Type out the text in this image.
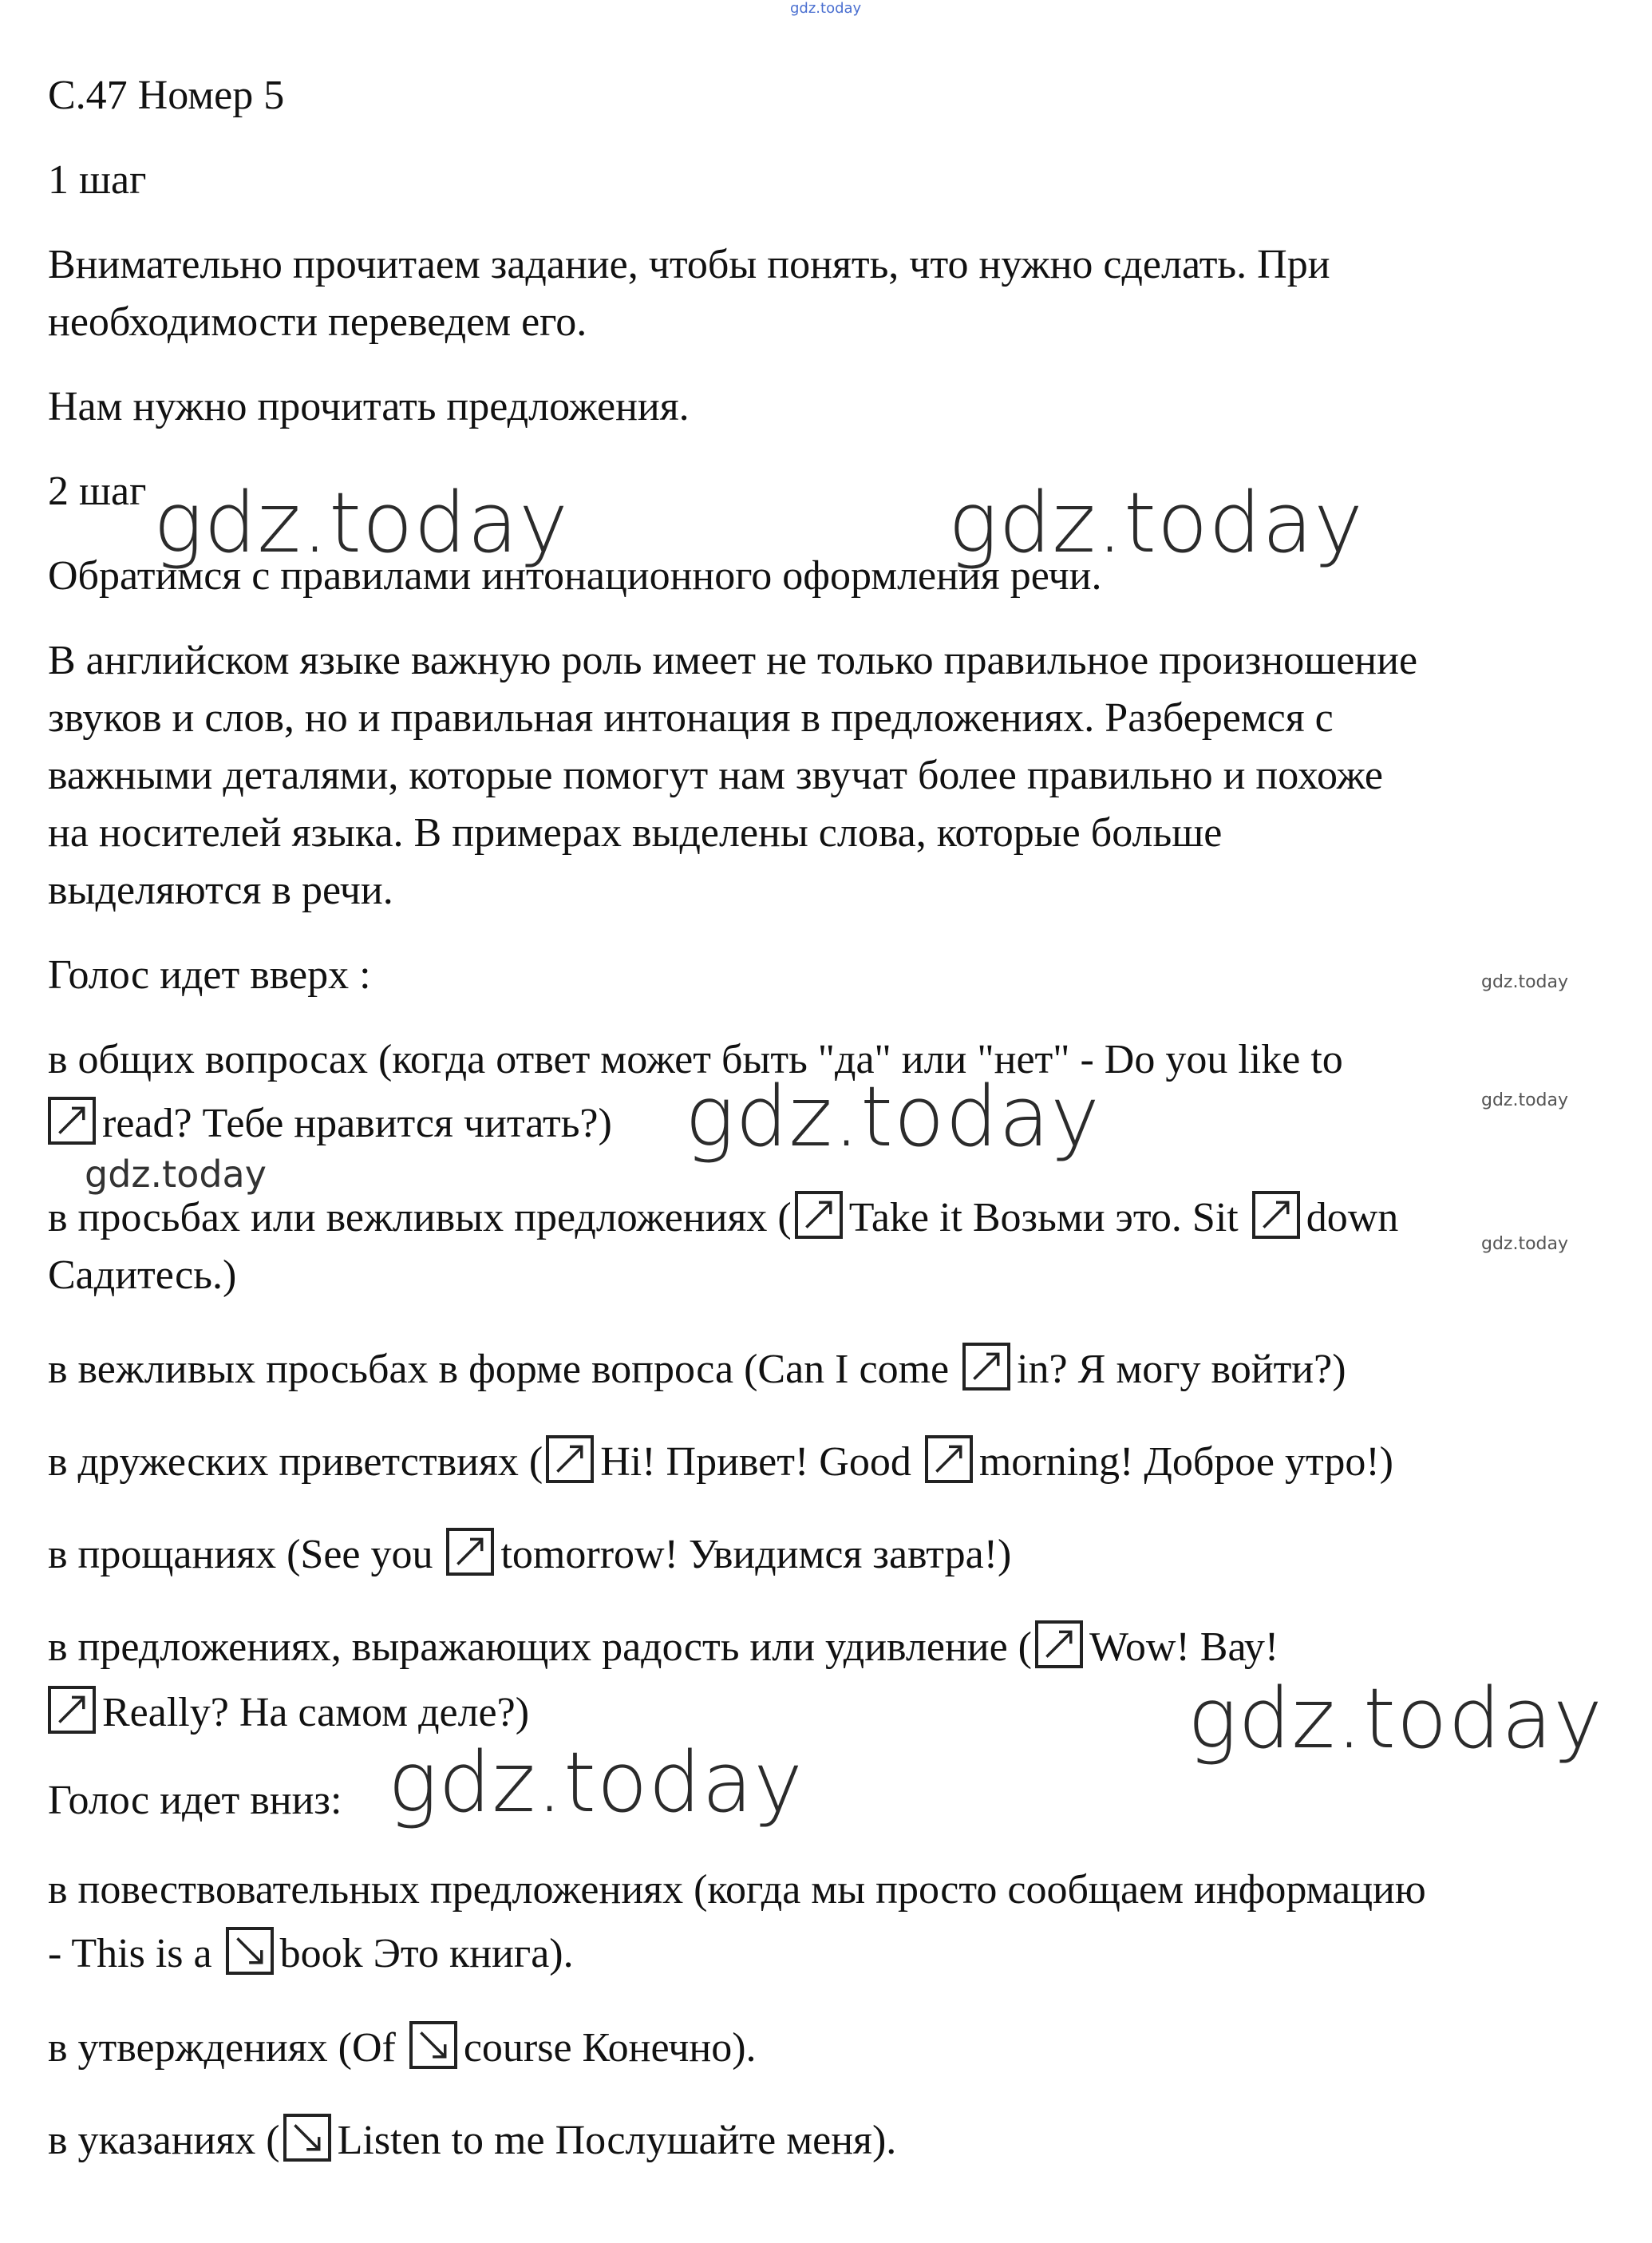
gdz.today

С.47 Номер 5

1 шаг

Внимательно прочитаем задание, чтобы понять, что нужно сделать. При

необходимости переведем его.

Нам нужно прочитать предложения.

2 шаг

Обратимся с правилами интонационного оформления речи.

В английском языке важную роль имеет не только правильное произношение

звуков и слов, но и правильная интонация в предложениях. Разберемся с

важными деталями, которые помогут нам звучат более правильно и похоже

на носителей языка. В примерах выделены слова, которые больше

выделяются в речи.

Голос идет вверх :

в общих вопросах (когда ответ может быть "да" или "нет" - Do you like to

read? Тебе нравится читать?)

в просьбах или вежливых предложениях ( Take it Возьми это. Sit
down

Садитесь.)

в вежливых просьбах в форме вопроса (Can I come
in? Я могу войти?)

в дружеских приветствиях ( Hi! Привет! Good
morning! Доброе утро!)

в прощаниях (See you
tomorrow! Увидимся завтра!)

в предложениях, выражающих радость или удивление ( Wow! Вау!

Really? На самом деле?)

Голос идет вниз:

в повествовательных предложениях (когда мы просто сообщаем информацию

- This is a
book Это книга).

в утверждениях (Of
course Конечно).

в указаниях ( Listen to me Послушайте меня).

gdz.today	gdz.today
gdz.today
gdz.today	gdz.today
gdz.today
gdz.today
gdz.today
gdz.today
